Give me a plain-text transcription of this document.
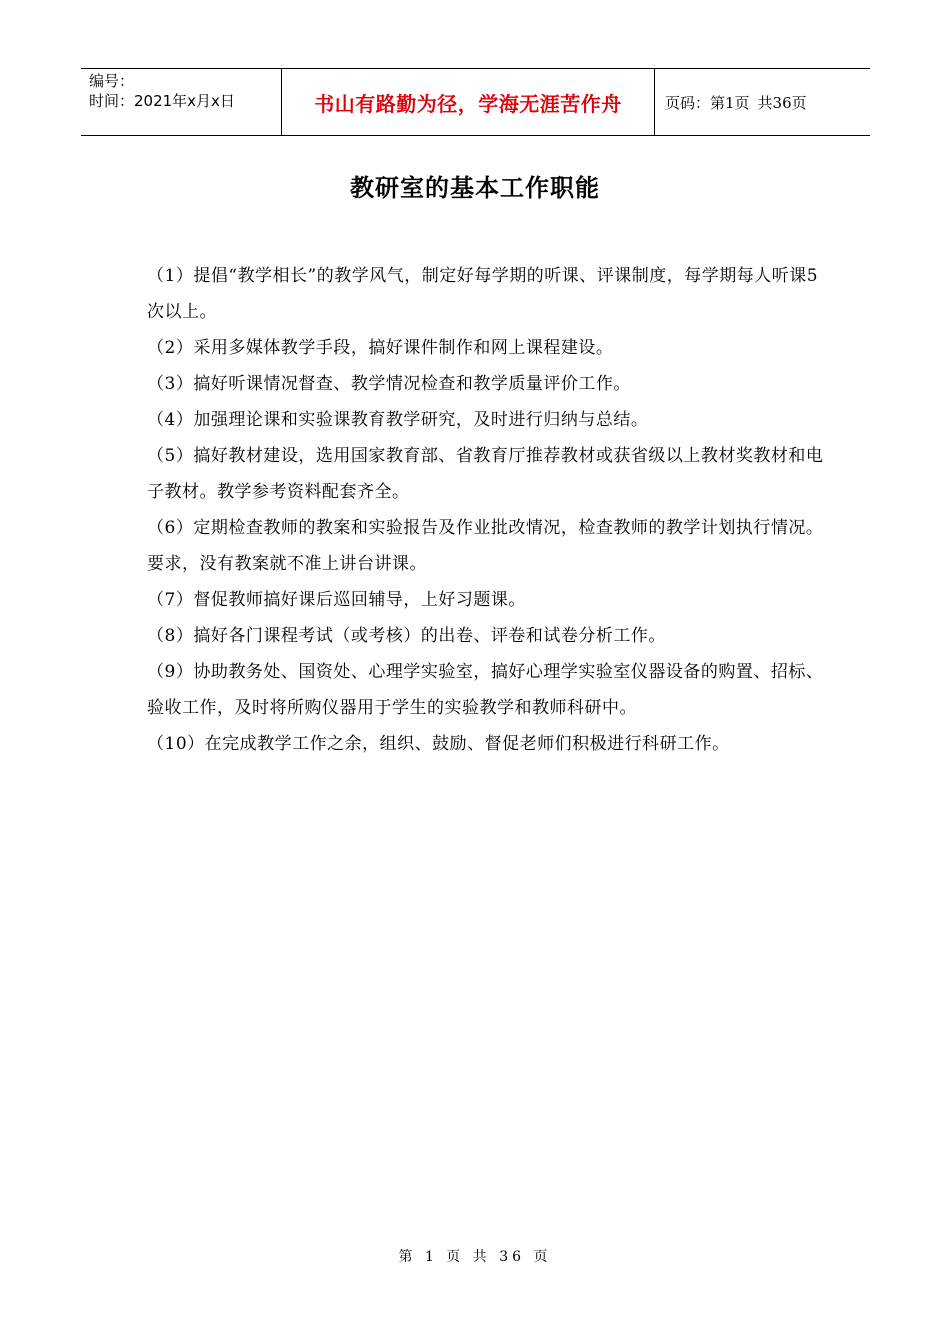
编号：
时间：2021年x月x日	书山有路勤为径，学海无涯苦作舟	页码：第1页 共36页
教研室的基本工作职能

（1）提倡“教学相长”的教学风气，制定好每学期的听课、评课制度，每学期每人听课5次以上。

（2）采用多媒体教学手段，搞好课件制作和网上课程建设。

（3）搞好听课情况督查、教学情况检查和教学质量评价工作。

（4）加强理论课和实验课教育教学研究，及时进行归纳与总结。

（5）搞好教材建设，选用国家教育部、省教育厅推荐教材或获省级以上教材奖教材和电子教材。教学参考资料配套齐全。

（6）定期检查教师的教案和实验报告及作业批改情况，检查教师的教学计划执行情况。要求，没有教案就不准上讲台讲课。

（7）督促教师搞好课后巡回辅导，上好习题课。

（8）搞好各门课程考试（或考核）的出卷、评卷和试卷分析工作。

（9）协助教务处、国资处、心理学实验室，搞好心理学实验室仪器设备的购置、招标、验收工作，及时将所购仪器用于学生的实验教学和教师科研中。

（10）在完成教学工作之余，组织、鼓励、督促老师们积极进行科研工作。

第 1 页 共 36 页
